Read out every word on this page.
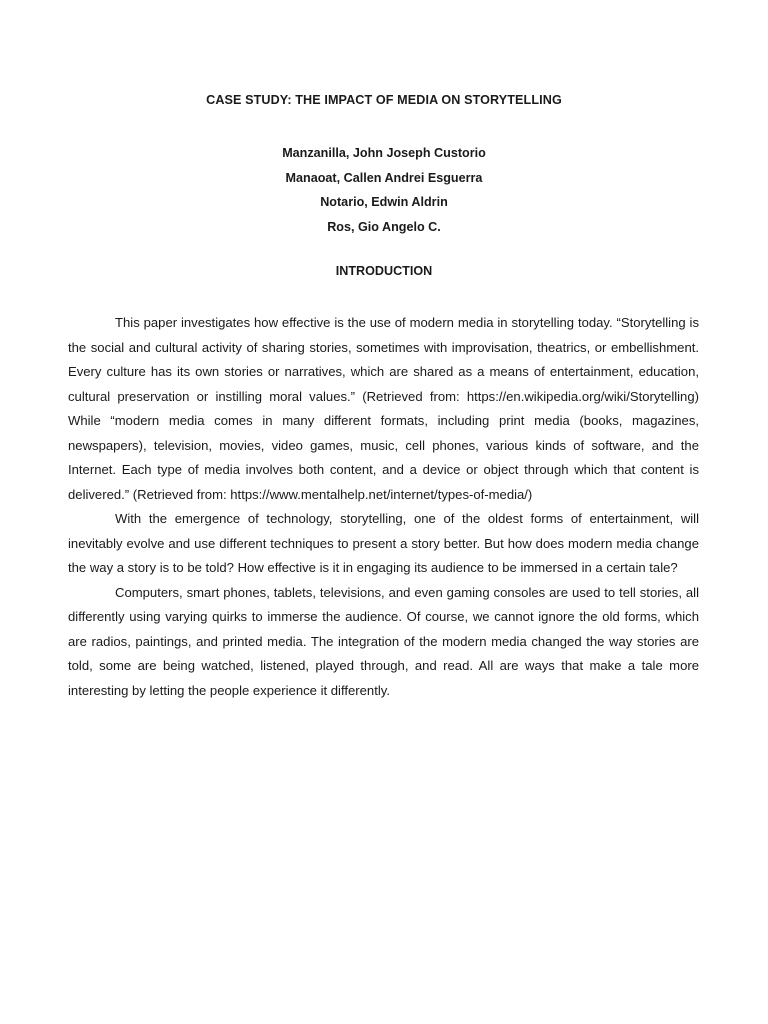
CASE STUDY: THE IMPACT OF MEDIA ON STORYTELLING
Manzanilla, John Joseph Custorio
Manaoat, Callen Andrei Esguerra
Notario, Edwin Aldrin
Ros, Gio Angelo C.
INTRODUCTION

This paper investigates how effective is the use of modern media in storytelling today. “Storytelling is the social and cultural activity of sharing stories, sometimes with improvisation, theatrics, or embellishment. Every culture has its own stories or narratives, which are shared as a means of entertainment, education, cultural preservation or instilling moral values.” (Retrieved from: https://en.wikipedia.org/wiki/Storytelling) While “modern media comes in many different formats, including print media (books, magazines, newspapers), television, movies, video games, music, cell phones, various kinds of software, and the Internet. Each type of media involves both content, and a device or object through which that content is delivered.” (Retrieved from: https://www.mentalhelp.net/internet/types-of-media/)

With the emergence of technology, storytelling, one of the oldest forms of entertainment, will inevitably evolve and use different techniques to present a story better. But how does modern media change the way a story is to be told? How effective is it in engaging its audience to be immersed in a certain tale?

Computers, smart phones, tablets, televisions, and even gaming consoles are used to tell stories, all differently using varying quirks to immerse the audience. Of course, we cannot ignore the old forms, which are radios, paintings, and printed media. The integration of the modern media changed the way stories are told, some are being watched, listened, played through, and read. All are ways that make a tale more interesting by letting the people experience it differently.
